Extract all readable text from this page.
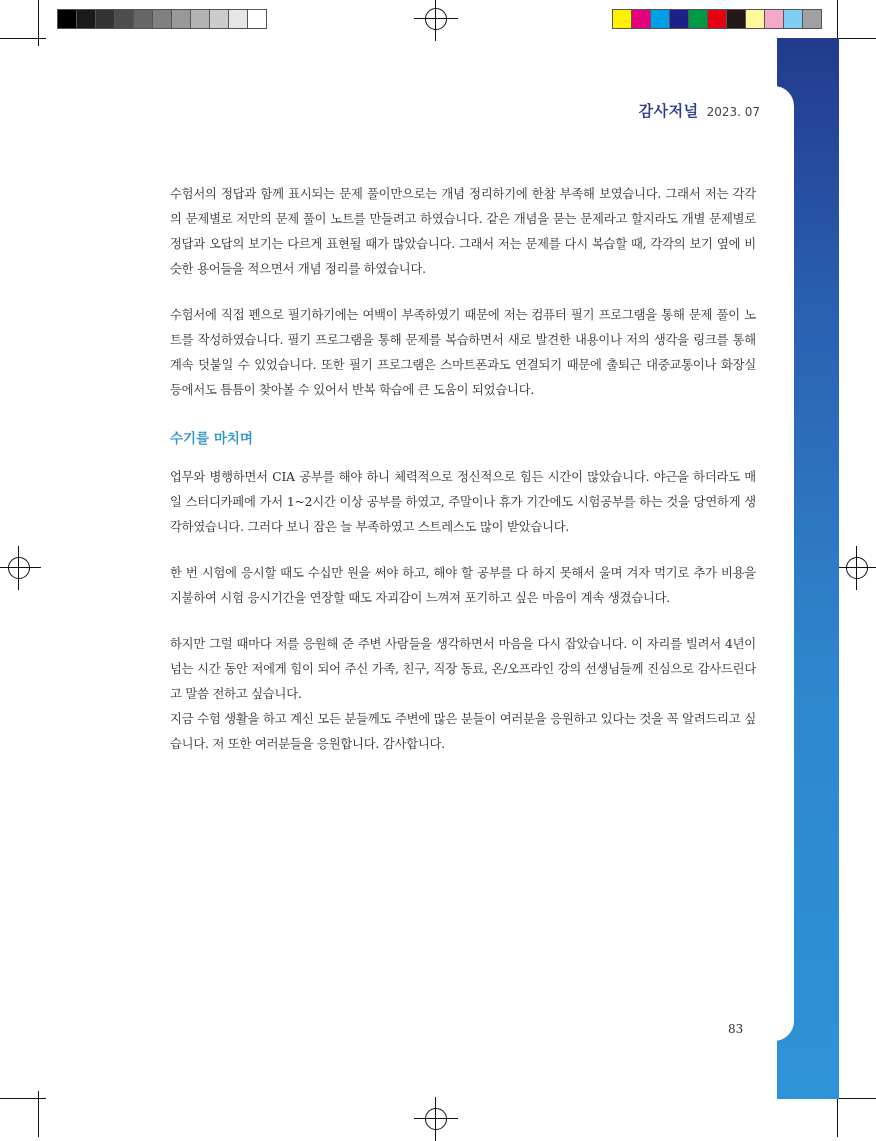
감사저널 2023. 07

수험서의 정답과 함께 표시되는 문제 풀이만으로는 개념 정리하기에 한참 부족해 보였습니다. 그래서 저는 각각의 문제별로 저만의 문제 풀이 노트를 만들려고 하였습니다. 같은 개념을 묻는 문제라고 할지라도 개별 문제별로 정답과 오답의 보기는 다르게 표현될 때가 많았습니다. 그래서 저는 문제를 다시 복습할 때, 각각의 보기 옆에 비슷한 용어들을 적으면서 개념 정리를 하였습니다.

수험서에 직접 펜으로 필기하기에는 여백이 부족하였기 때문에 저는 컴퓨터 필기 프로그램을 통해 문제 풀이 노트를 작성하였습니다. 필기 프로그램을 통해 문제를 복습하면서 새로 발견한 내용이나 저의 생각을 링크를 통해 계속 덧붙일 수 있었습니다. 또한 필기 프로그램은 스마트폰과도 연결되기 때문에 출퇴근 대중교통이나 화장실 등에서도 틈틈이 찾아볼 수 있어서 반복 학습에 큰 도움이 되었습니다.

수기를 마치며

업무와 병행하면서 CIA 공부를 해야 하니 체력적으로 정신적으로 힘든 시간이 많았습니다. 야근을 하더라도 매일 스터디카페에 가서 1~2시간 이상 공부를 하였고, 주말이나 휴가 기간에도 시험공부를 하는 것을 당연하게 생각하였습니다. 그러다 보니 잠은 늘 부족하였고 스트레스도 많이 받았습니다.

한 번 시험에 응시할 때도 수십만 원을 써야 하고, 해야 할 공부를 다 하지 못해서 울며 겨자 먹기로 추가 비용을 지불하여 시험 응시기간을 연장할 때도 자괴감이 느껴져 포기하고 싶은 마음이 계속 생겼습니다.

하지만 그럴 때마다 저를 응원해 준 주변 사람들을 생각하면서 마음을 다시 잡았습니다. 이 자리를 빌려서 4년이 넘는 시간 동안 저에게 힘이 되어 주신 가족, 친구, 직장 동료, 온/오프라인 강의 선생님들께 진심으로 감사드린다고 말씀 전하고 싶습니다.

지금 수험 생활을 하고 계신 모든 분들께도 주변에 많은 분들이 여러분을 응원하고 있다는 것을 꼭 알려드리고 싶습니다. 저 또한 여러분들을 응원합니다. 감사합니다.

83
